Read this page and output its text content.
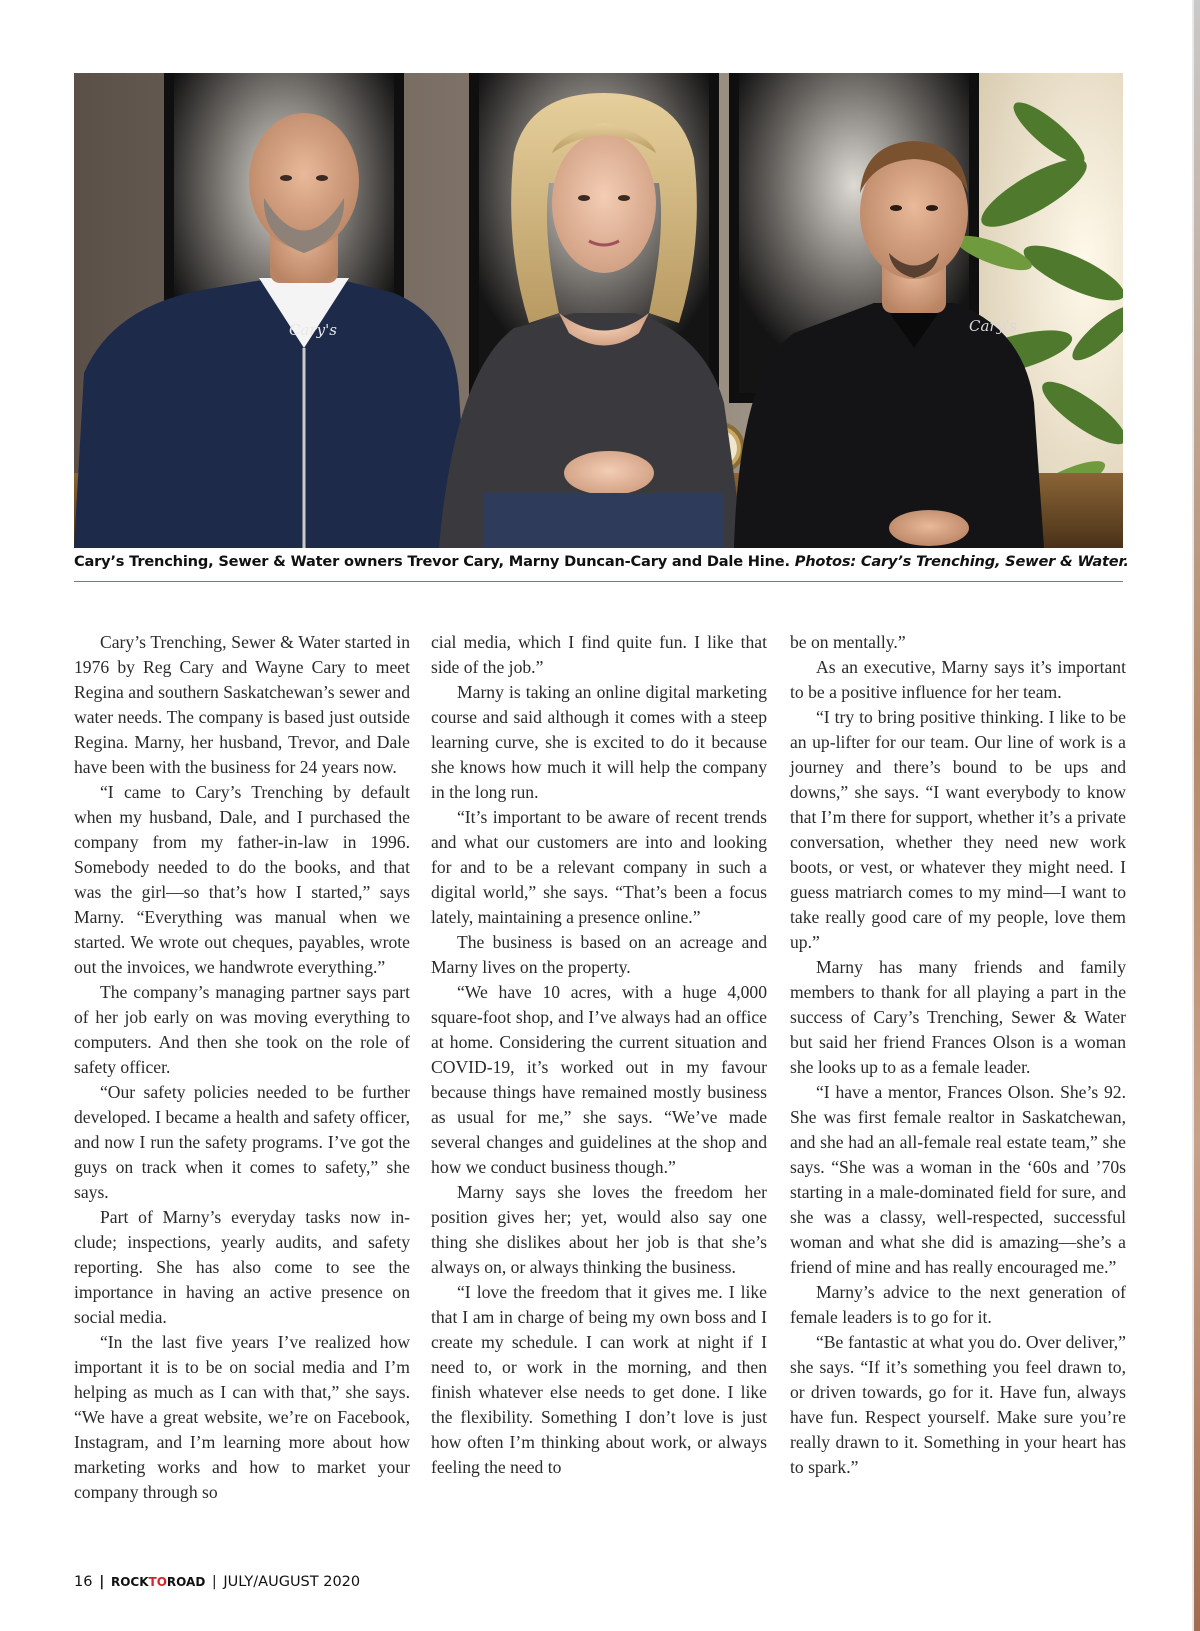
Cary's	Cary's
Cary’s Trenching, Sewer & Water owners Trevor Cary, Marny Duncan-Cary and Dale Hine. Photos: Cary’s Trenching, Sewer & Water.

Cary’s Trenching, Sewer & Water started in 1976 by Reg Cary and Wayne Cary to meet Regina and southern Saskatchewan’s sewer and water needs. The company is based just outside Regina. Marny, her husband, Trevor, and Dale have been with the business for 24 years now.

“I came to Cary’s Trenching by default when my husband, Dale, and I purchased the company from my father-in-law in 1996. Somebody needed to do the books, and that was the girl—so that’s how I started,” says Marny. “Everything was manual when we started. We wrote out cheques, payables, wrote out the invoices, we handwrote everything.”

The company’s managing partner says part of her job early on was moving everything to computers. And then she took on the role of safety officer.

“Our safety policies needed to be further developed. I became a health and safety officer, and now I run the safety programs. I’ve got the guys on track when it comes to safety,” she says.

Part of Marny’s everyday tasks now include; inspections, yearly audits, and safety reporting. She has also come to see the importance in having an active presence on social media.

“In the last five years I’ve realized how important it is to be on social media and I’m helping as much as I can with that,” she says. “We have a great website, we’re on Facebook, Instagram, and I’m learning more about how marketing works and how to market your company through so

cial media, which I find quite fun. I like that side of the job.”

Marny is taking an online digital marketing course and said although it comes with a steep learning curve, she is excited to do it because she knows how much it will help the company in the long run.

“It’s important to be aware of recent trends and what our customers are into and looking for and to be a relevant company in such a digital world,” she says. “That’s been a focus lately, maintaining a presence online.”

The business is based on an acreage and Marny lives on the property.

“We have 10 acres, with a huge 4,000 square-foot shop, and I’ve always had an office at home. Considering the current situation and COVID-19, it’s worked out in my favour because things have remained mostly business as usual for me,” she says. “We’ve made several changes and guidelines at the shop and how we conduct business though.”

Marny says she loves the freedom her position gives her; yet, would also say one thing she dislikes about her job is that she’s always on, or always thinking the business.

“I love the freedom that it gives me. I like that I am in charge of being my own boss and I create my schedule. I can work at night if I need to, or work in the morning, and then finish whatever else needs to get done. I like the flexibility. Something I don’t love is just how often I’m thinking about work, or always feeling the need to

be on mentally.”

As an executive, Marny says it’s important to be a positive influence for her team.

“I try to bring positive thinking. I like to be an up-lifter for our team. Our line of work is a journey and there’s bound to be ups and downs,” she says. “I want everybody to know that I’m there for support, whether it’s a private conversation, whether they need new work boots, or vest, or whatever they might need. I guess matriarch comes to my mind—I want to take really good care of my people, love them up.”

Marny has many friends and family members to thank for all playing a part in the success of Cary’s Trenching, Sewer & Water but said her friend Frances Olson is a woman she looks up to as a female leader.

“I have a mentor, Frances Olson. She’s 92. She was first female realtor in Saskatchewan, and she had an all-female real estate team,” she says. “She was a woman in the ‘60s and ’70s starting in a male-dominated field for sure, and she was a classy, well-respected, successful woman and what she did is amazing—she’s a friend of mine and has really encouraged me.”

Marny’s advice to the next generation of female leaders is to go for it.

“Be fantastic at what you do. Over deliver,” she says. “If it’s something you feel drawn to, or driven towards, go for it. Have fun, always have fun. Respect yourself. Make sure you’re really drawn to it. Something in your heart has to spark.”

16 | ROCKTOROAD | JULY/AUGUST 2020
